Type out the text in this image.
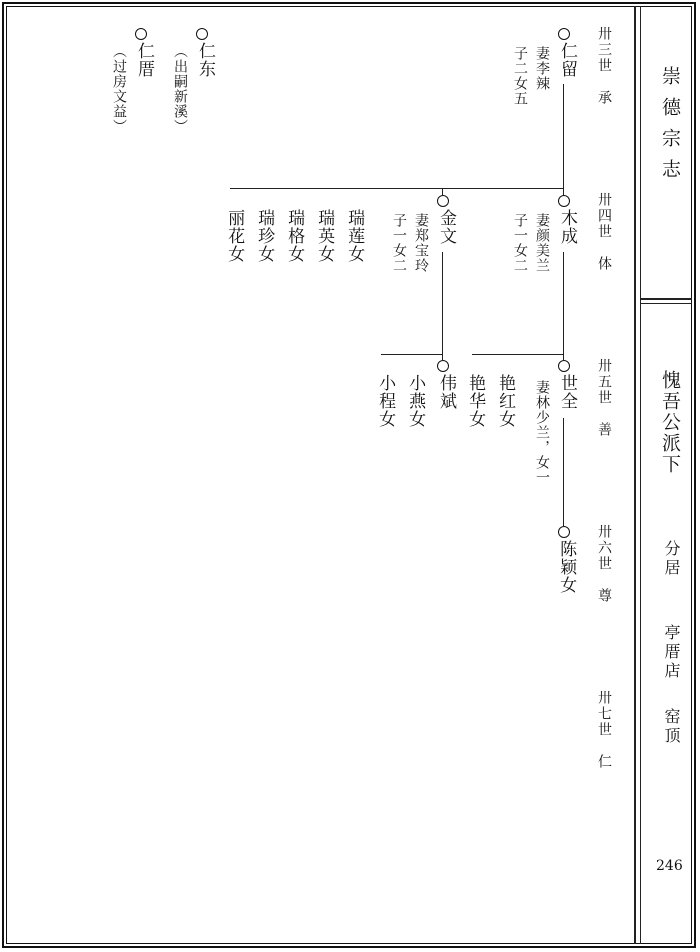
崇德宗志
愧吾公派下
分居
亭厝店
窑顶
246
卅三世
承
卅四世
体
卅五世
善
卅六世
尊
卅七世
仁
仁留
妻李辣
子二女五
仁东
（出嗣新溪）
仁厝
（过房文益）
木成
妻颜美兰
子一女二
金文
妻郑宝玲
子一女二
瑞莲女
瑞英女
瑞格女
瑞珍女
丽花女
世全
妻林少兰，女一
艳红女
艳华女
伟斌
小燕女
小程女
陈颖女
